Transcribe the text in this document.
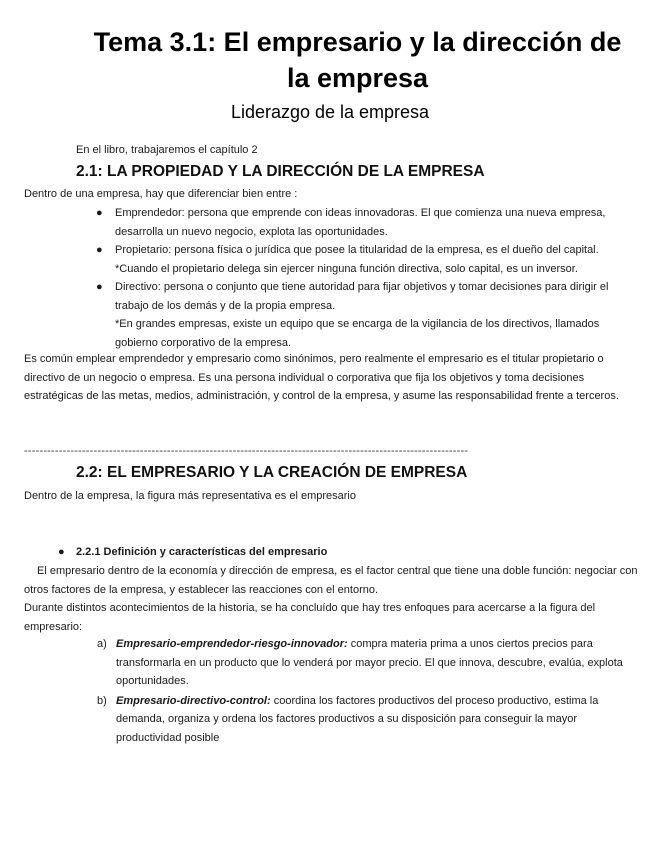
Tema 3.1: El empresario y la dirección de la empresa
Liderazgo de la empresa
En el libro, trabajaremos el capítulo 2
2.1: LA PROPIEDAD Y LA DIRECCIÓN DE LA EMPRESA
Dentro de una empresa, hay que diferenciar bien entre :
● Emprendedor: persona que emprende con ideas innovadoras. El que comienza una nueva empresa, desarrolla un nuevo negocio, explota las oportunidades.
● Propietario: persona física o jurídica que posee la titularidad de la empresa, es el dueño del capital.
*Cuando el propietario delega sin ejercer ninguna función directiva, solo capital, es un inversor.
● Directivo: persona o conjunto que tiene autoridad para fijar objetivos y tomar decisiones para dirigir el trabajo de los demás y de la propia empresa.
*En grandes empresas, existe un equipo que se encarga de la vigilancia de los directivos, llamados gobierno corporativo de la empresa.
Es común emplear emprendedor y empresario como sinónimos, pero realmente el empresario es el titular propietario o directivo de un negocio o empresa. Es una persona individual o corporativa que fija los objetivos y toma decisiones estratégicas de las metas, medios, administración, y control de la empresa, y asume las responsabilidad frente a terceros.
-------------------------------------------------------------------------------------------------------------------
2.2: EL EMPRESARIO Y LA CREACIÓN DE EMPRESA
Dentro de la empresa, la figura más representativa es el empresario
● 2.2.1 Definición y características del empresario
El empresario dentro de la economía y dirección de empresa, es el factor central que tiene una doble función: negociar con otros factores de la empresa, y establecer las reacciones con el entorno.
Durante distintos acontecimientos de la historia, se ha concluído que hay tres enfoques para acercarse a la figura del empresario:
a) Empresario-emprendedor-riesgo-innovador: compra materia prima a unos ciertos precios para transformarla en un producto que lo venderá por mayor precio. El que innova, descubre, evalúa, explota oportunidades.
b) Empresario-directivo-control: coordina los factores productivos del proceso productivo, estima la demanda, organiza y ordena los factores productivos a su disposición para conseguir la mayor productividad posible
